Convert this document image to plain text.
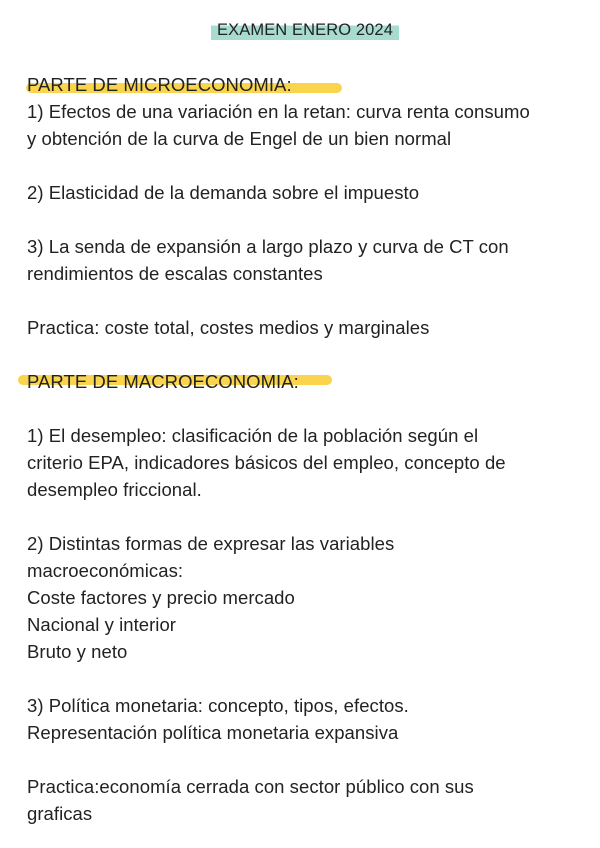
EXAMEN ENERO 2024
PARTE DE MICROECONOMIA:
1) Efectos de una variación en la retan: curva renta consumo
y obtención de la curva de Engel de un bien normal
2) Elasticidad de la demanda sobre el impuesto
3) La senda de expansión a largo plazo y curva de CT con
rendimientos de escalas constantes
Practica: coste total, costes medios y marginales
PARTE DE MACROECONOMIA:
1) El desempleo: clasificación de la población según el
criterio EPA, indicadores básicos del empleo, concepto de
desempleo friccional.
2) Distintas formas de expresar las variables
macroeconómicas:
Coste factores y precio mercado
Nacional y interior
Bruto y neto
3) Política monetaria: concepto, tipos, efectos.
Representación política monetaria expansiva
Practica:economía cerrada con sector público con sus
graficas
